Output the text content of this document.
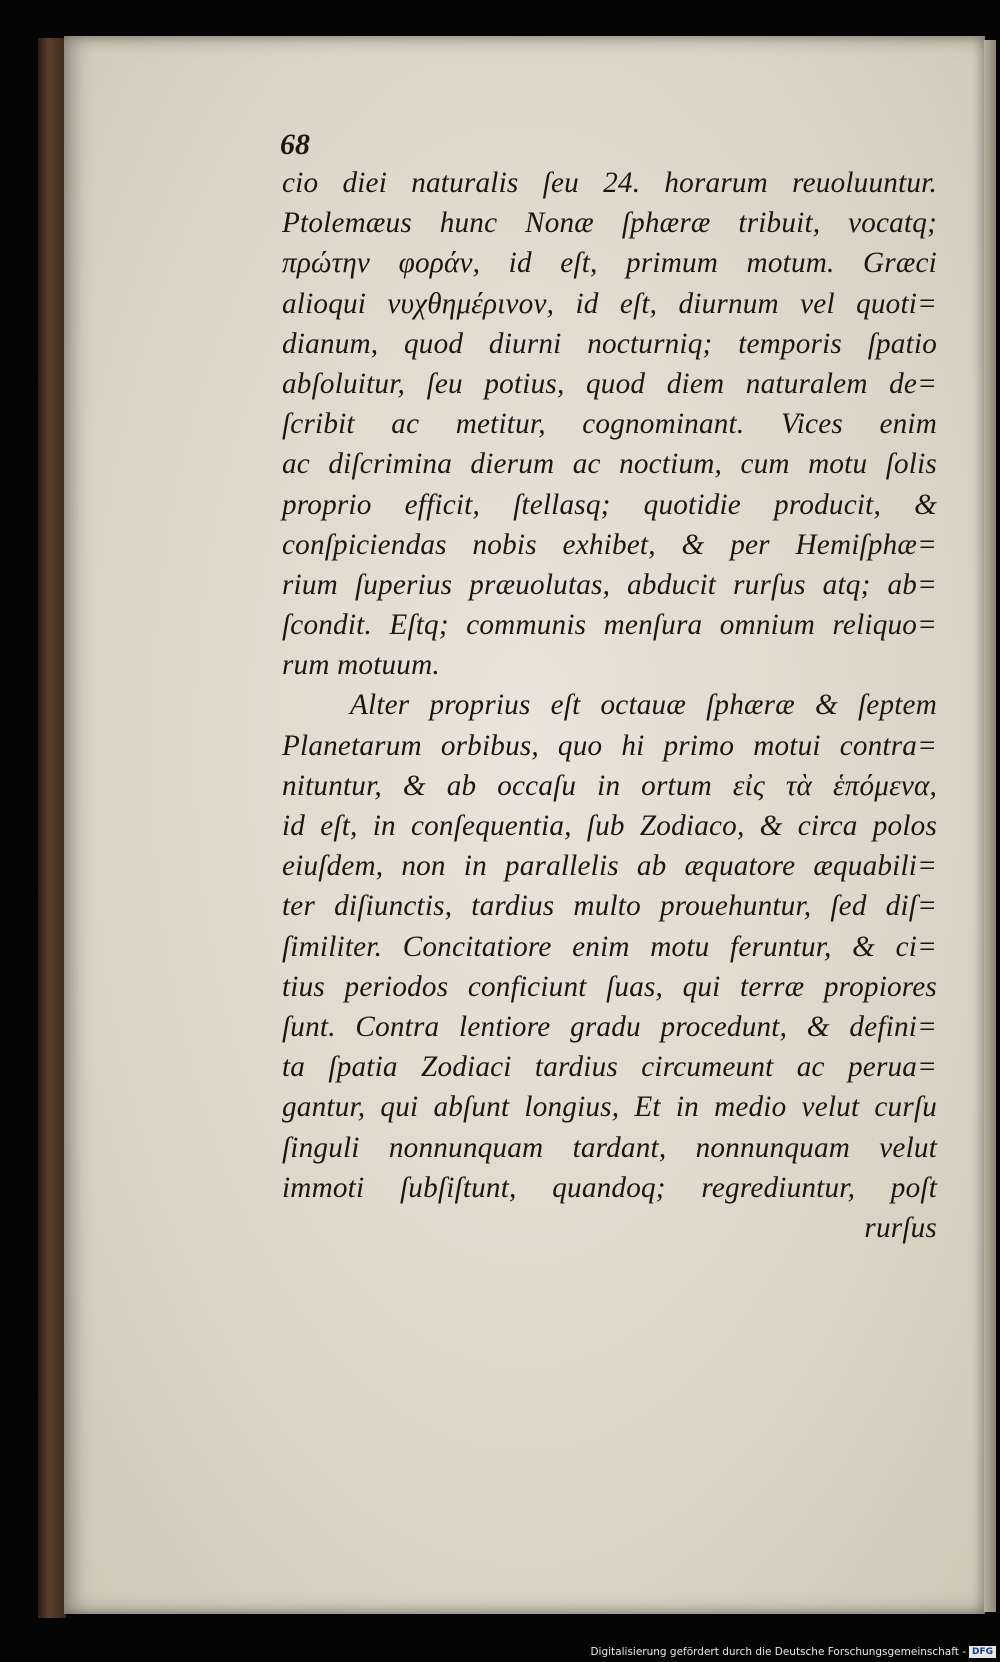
68
cio diei naturalis ſeu 24. horarum reuoluuntur.
Ptolemæus hunc Nonæ ſphæræ tribuit, vocatq;
πρώτην φοράν, id eſt, primum motum. Græci
alioqui νυχθημέρινον, id eſt, diurnum vel quoti=
dianum, quod diurni nocturniq; temporis ſpatio
abſoluitur, ſeu potius, quod diem naturalem de=
ſcribit ac metitur, cognominant. Vices enim
ac diſcrimina dierum ac noctium, cum motu ſolis
proprio efficit, ſtellasq; quotidie producit, &
conſpiciendas nobis exhibet, & per Hemiſphæ=
rium ſuperius præuolutas, abducit rurſus atq; ab=
ſcondit. Eſtq; communis menſura omnium reliquo=
rum motuum.
Alter proprius eſt octauæ ſphæræ & ſeptem
Planetarum orbibus, quo hi primo motui contra=
nituntur, & ab occaſu in ortum εἰς τὰ ἑπόμενα,
id eſt, in conſequentia, ſub Zodiaco, & circa polos
eiuſdem, non in parallelis ab æquatore æquabili=
ter diſiunctis, tardius multo prouehuntur, ſed diſ=
ſimiliter. Concitatiore enim motu feruntur, & ci=
tius periodos conficiunt ſuas, qui terræ propiores
ſunt. Contra lentiore gradu procedunt, & defini=
ta ſpatia Zodiaci tardius circumeunt ac perua=
gantur, qui abſunt longius, Et in medio velut curſu
ſinguli nonnunquam tardant, nonnunquam velut
immoti ſubſiſtunt, quandoq; regrediuntur, poſt
rurſus
Digitalisierung gefördert durch die Deutsche Forschungsgemeinschaft - DFG
